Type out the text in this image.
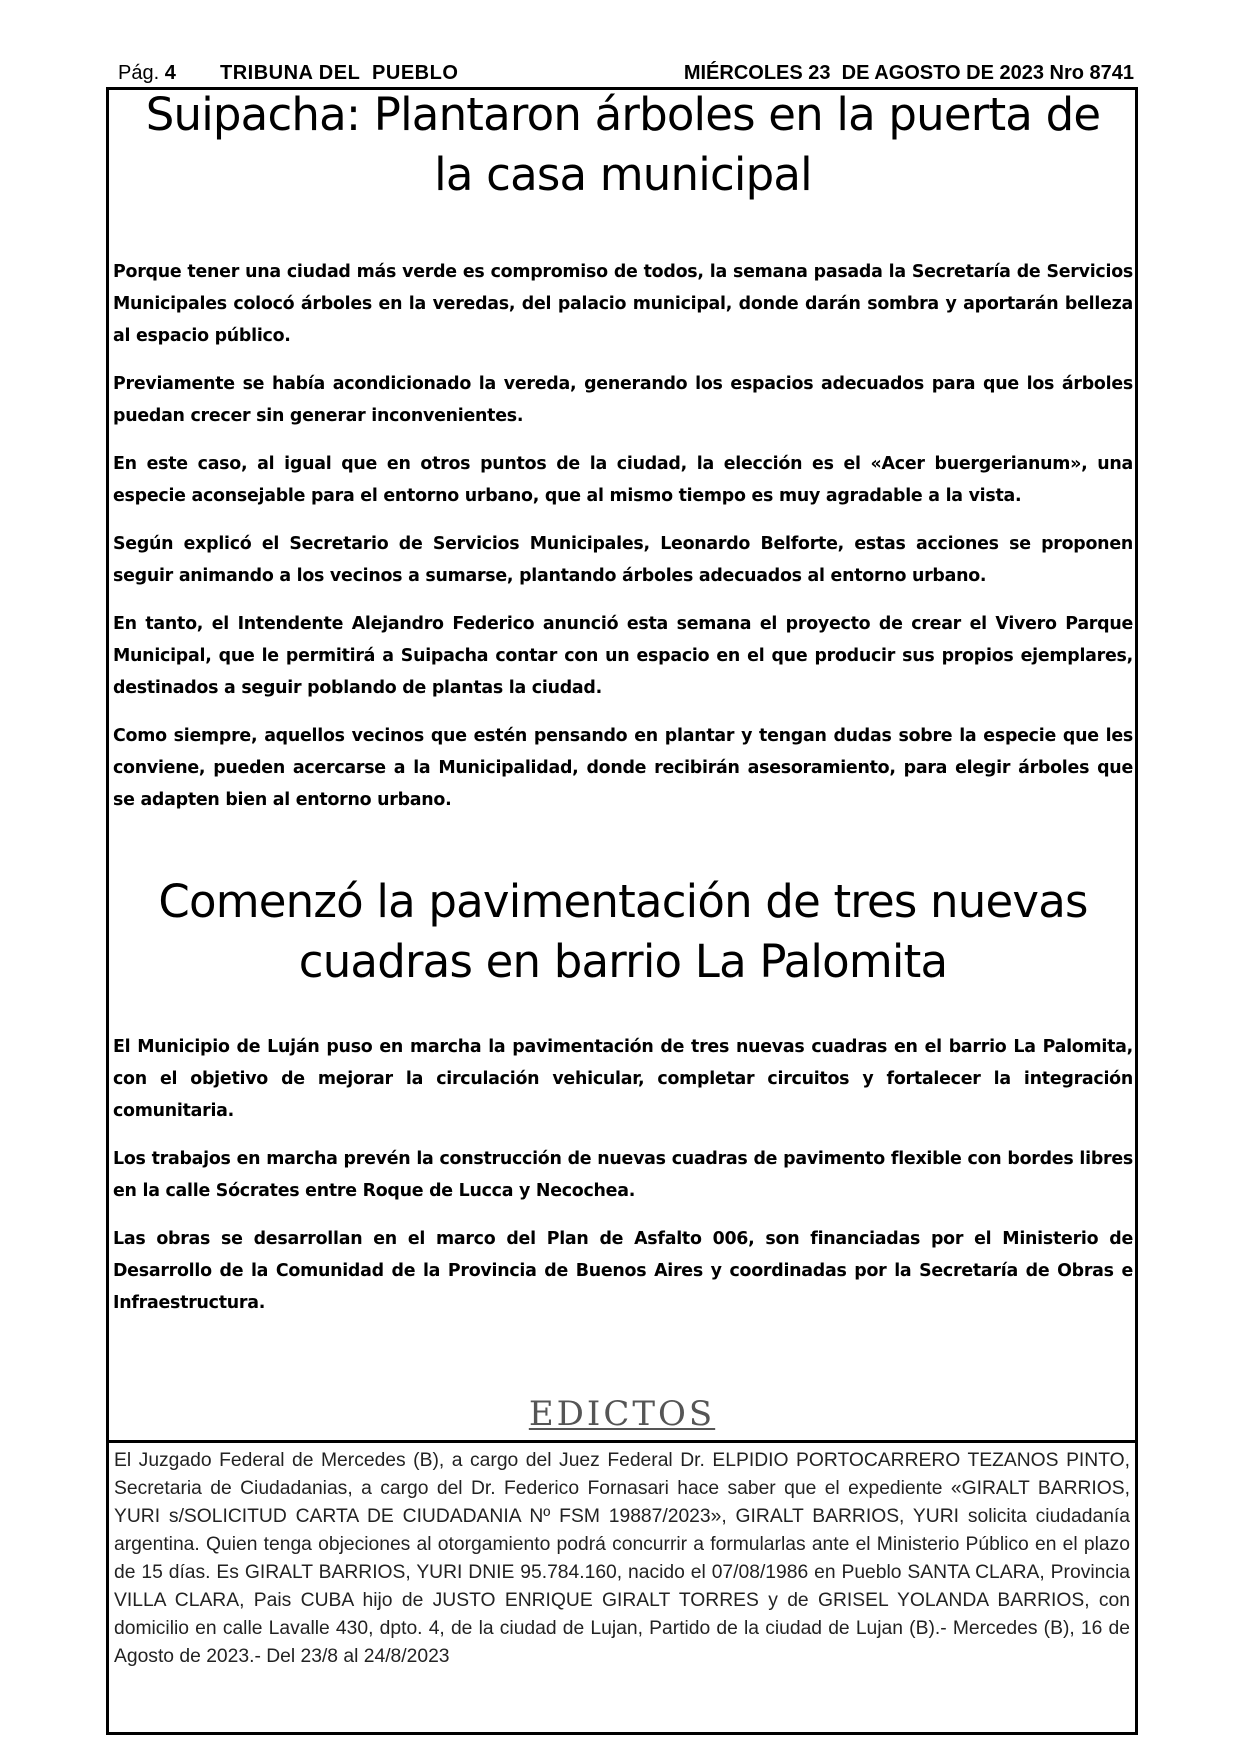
Pág. 4 TRIBUNA DEL  PUEBLO	MIÉRCOLES 23  DE AGOSTO DE 2023 Nro 8741
Suipacha: Plantaron árboles en la puerta de la casa municipal

Porque tener una ciudad más verde es compromiso de todos, la semana pasada la Secretaría de Servicios Municipales colocó árboles en la veredas, del palacio municipal, donde darán sombra y aportarán belleza al espacio público.

Previamente se había acondicionado la vereda, generando los espacios adecuados para que los árboles puedan crecer sin generar inconvenientes.

En este caso, al igual que en otros puntos de la ciudad, la elección es el «Acer buergerianum», una especie aconsejable para el entorno urbano, que al mismo tiempo es muy agradable a la vista.

Según explicó el Secretario de Servicios Municipales, Leonardo Belforte, estas acciones se proponen seguir animando a los vecinos a sumarse, plantando árboles adecuados al entorno urbano.

En tanto, el Intendente Alejandro Federico anunció esta semana el proyecto de crear el Vivero Parque Municipal, que le permitirá a Suipacha contar con un espacio en el que producir sus propios ejemplares, destinados a seguir poblando de plantas la ciudad.

Como siempre, aquellos vecinos que estén pensando en plantar y tengan dudas sobre la especie que les conviene, pueden acercarse a la Municipalidad, donde recibirán asesoramiento, para elegir árboles que se adapten bien al entorno urbano.

Comenzó la pavimentación de tres nuevas cuadras en barrio La Palomita

El Municipio de Luján puso en marcha la pavimentación de tres nuevas cuadras en el barrio La Palomita, con el objetivo de mejorar la circulación vehicular, completar circuitos y fortalecer la integración comunitaria.

Los trabajos en marcha prevén la construcción de nuevas cuadras de pavimento flexible con bordes libres en la calle Sócrates entre Roque de Lucca y Necochea.

Las obras se desarrollan en el marco del Plan de Asfalto 006, son financiadas por el Ministerio de Desarrollo de la Comunidad de la Provincia de Buenos Aires y coordinadas por la Secretaría de Obras e Infraestructura.

EDICTOS

El Juzgado Federal de Mercedes (B), a cargo del Juez Federal Dr. ELPIDIO PORTOCARRERO TEZANOS PINTO, Secretaria de Ciudadanias, a cargo del Dr. Federico Fornasari hace saber que el expediente «GIRALT BARRIOS, YURI s/SOLICITUD CARTA DE CIUDADANIA Nº FSM 19887/2023», GIRALT BARRIOS, YURI solicita ciudadanía argentina. Quien tenga objeciones al otorgamiento podrá concurrir a formularlas ante el Ministerio Público en el plazo de 15 días. Es GIRALT BARRIOS, YURI DNIE 95.784.160, nacido el 07/08/1986 en Pueblo SANTA CLARA, Provincia VILLA CLARA, Pais CUBA hijo de JUSTO ENRIQUE GIRALT TORRES y de GRISEL YOLANDA BARRIOS, con domicilio en calle Lavalle 430, dpto. 4, de la ciudad de Lujan, Partido de la ciudad de Lujan (B).- Mercedes (B), 16 de Agosto de 2023.- Del 23/8 al 24/8/2023
